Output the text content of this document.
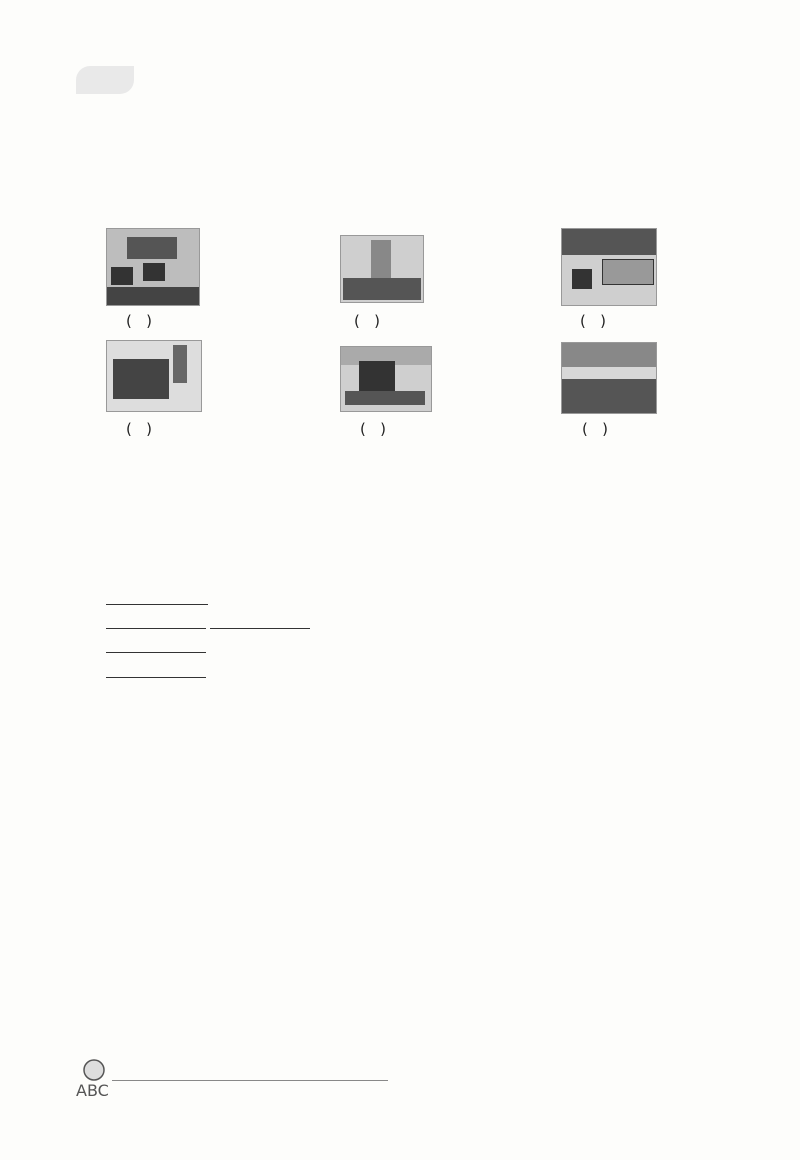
(   )	(   )	(   )
(   )	(   )	(   )

ABC
